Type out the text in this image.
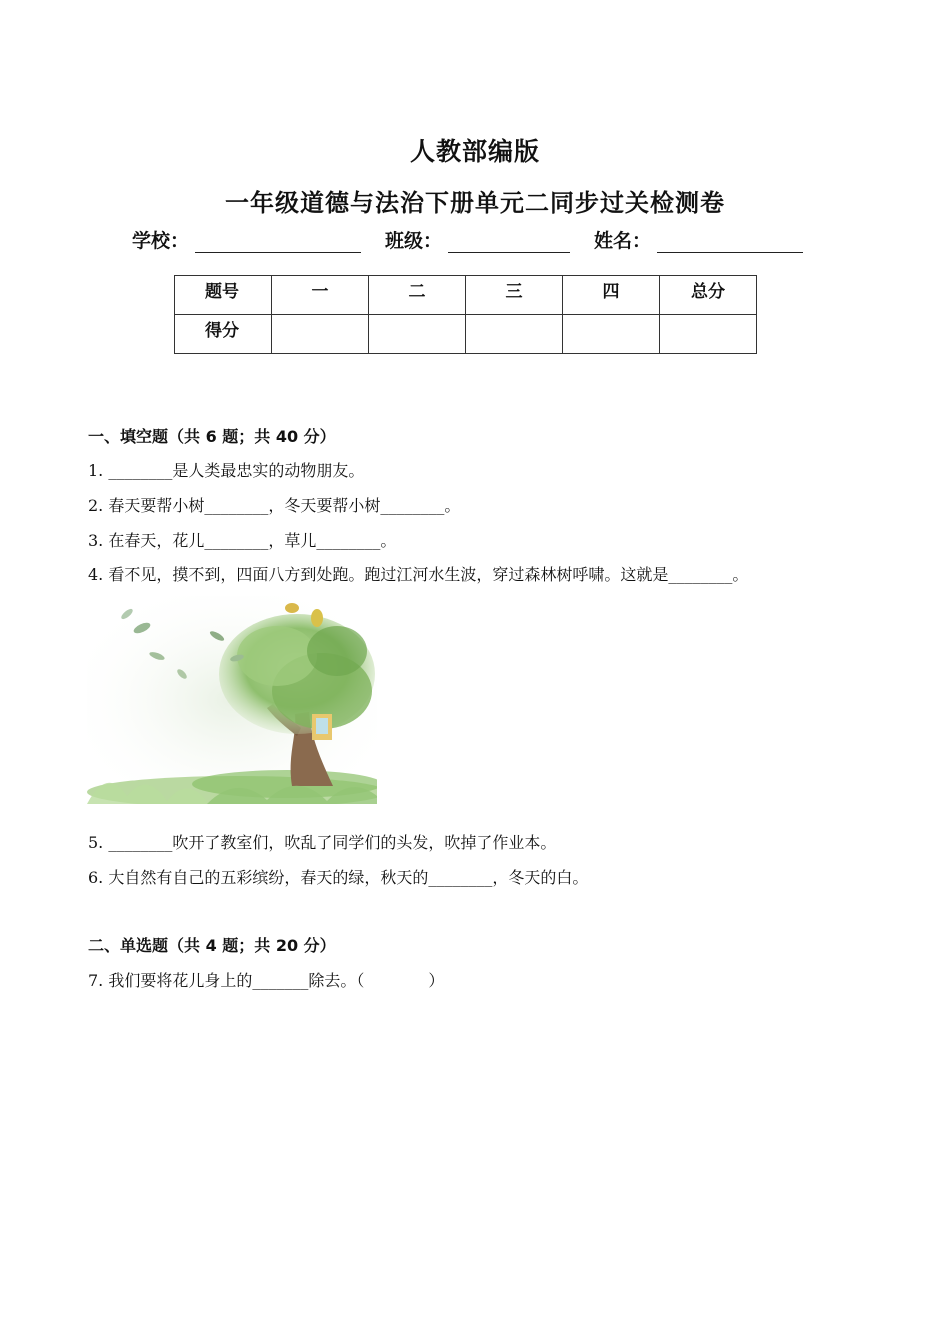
人教部编版
一年级道德与法治下册单元二同步过关检测卷
学校：	班级：	姓名：
题号	一	二	三	四	总分
得分					
一、填空题（共 6 题；共 40 分）
1. ________是人类最忠实的动物朋友。
2. 春天要帮小树________，冬天要帮小树________。
3. 在春天，花儿________，草儿________。
4. 看不见，摸不到，四面八方到处跑。跑过江河水生波，穿过森林树呼啸。这就是________。
5. ________吹开了教室们，吹乱了同学们的头发，吹掉了作业本。
6. 大自然有自己的五彩缤纷，春天的绿，秋天的________，冬天的白。
二、单选题（共 4 题；共 20 分）
7. 我们要将花儿身上的_______除去。（　　　　）
